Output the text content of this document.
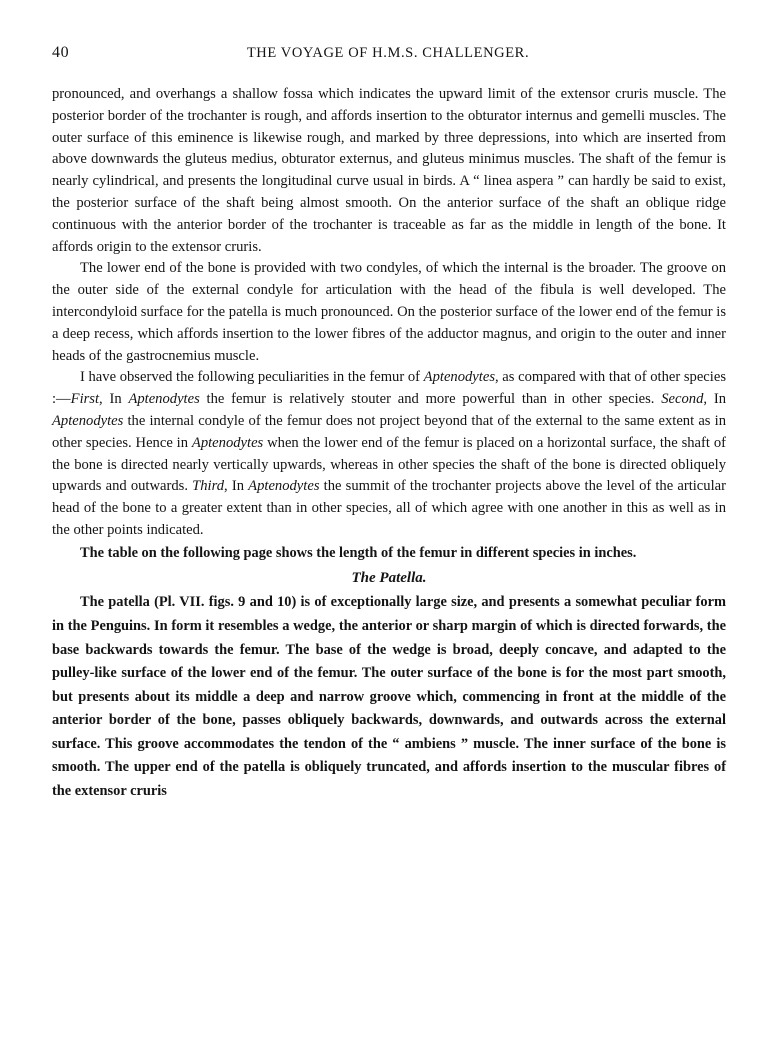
40	THE VOYAGE OF H.M.S. CHALLENGER.

pronounced, and overhangs a shallow fossa which indicates the upward limit of the extensor cruris muscle. The posterior border of the trochanter is rough, and affords insertion to the obturator internus and gemelli muscles. The outer surface of this eminence is likewise rough, and marked by three depressions, into which are inserted from above downwards the gluteus medius, obturator externus, and gluteus minimus muscles. The shaft of the femur is nearly cylindrical, and presents the longitudinal curve usual in birds. A “ linea aspera ” can hardly be said to exist, the posterior surface of the shaft being almost smooth. On the anterior surface of the shaft an oblique ridge continuous with the anterior border of the trochanter is traceable as far as the middle in length of the bone. It affords origin to the extensor cruris.

The lower end of the bone is provided with two condyles, of which the internal is the broader. The groove on the outer side of the external condyle for articulation with the head of the fibula is well developed. The intercondyloid surface for the patella is much pronounced. On the posterior surface of the lower end of the femur is a deep recess, which affords insertion to the lower fibres of the adductor magnus, and origin to the outer and inner heads of the gastrocnemius muscle.

I have observed the following peculiarities in the femur of Aptenodytes, as compared with that of other species :—First, In Aptenodytes the femur is relatively stouter and more powerful than in other species. Second, In Aptenodytes the internal condyle of the femur does not project beyond that of the external to the same extent as in other species. Hence in Aptenodytes when the lower end of the femur is placed on a horizontal surface, the shaft of the bone is directed nearly vertically upwards, whereas in other species the shaft of the bone is directed obliquely upwards and outwards. Third, In Aptenodytes the summit of the trochanter projects above the level of the articular head of the bone to a greater extent than in other species, all of which agree with one another in this as well as in the other points indicated.

The table on the following page shows the length of the femur in different species in inches.

The Patella.

The patella (Pl. VII. figs. 9 and 10) is of exceptionally large size, and presents a somewhat peculiar form in the Penguins. In form it resembles a wedge, the anterior or sharp margin of which is directed forwards, the base backwards towards the femur. The base of the wedge is broad, deeply concave, and adapted to the pulley-like surface of the lower end of the femur. The outer surface of the bone is for the most part smooth, but presents about its middle a deep and narrow groove which, commencing in front at the middle of the anterior border of the bone, passes obliquely backwards, downwards, and outwards across the external surface. This groove accommodates the tendon of the “ ambiens ” muscle. The inner surface of the bone is smooth. The upper end of the patella is obliquely truncated, and affords insertion to the muscular fibres of the extensor cruris
